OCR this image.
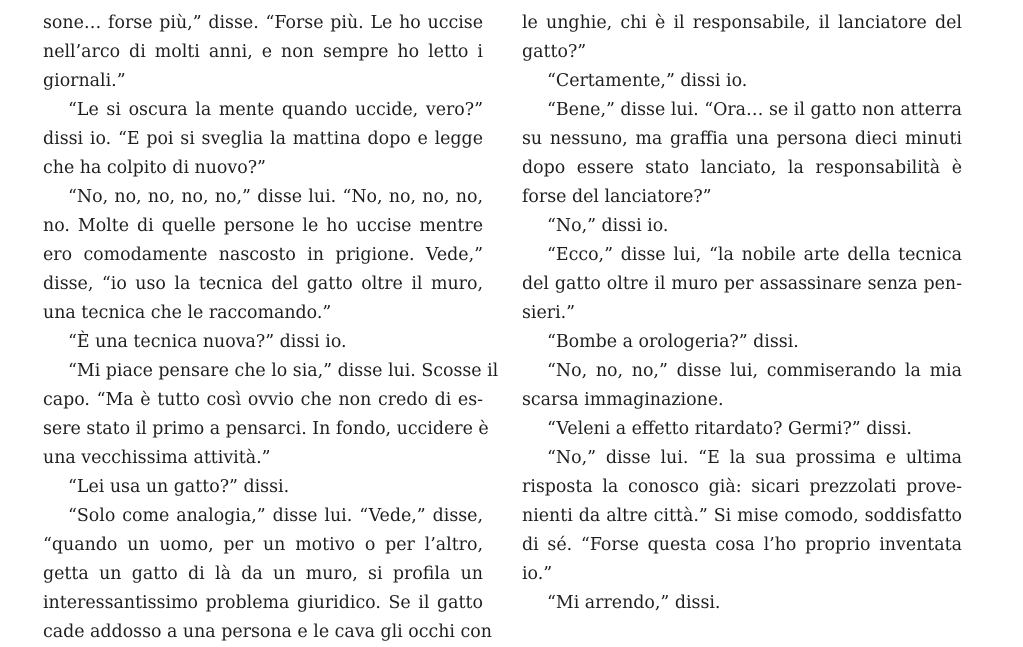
sone… forse più,” disse. “Forse più. Le ho uccise
nell’arco di molti anni, e non sempre ho letto i
giornali.”
“Le si oscura la mente quando uccide, vero?”
dissi io. “E poi si sveglia la mattina dopo e legge
che ha colpito di nuovo?”
“No, no, no, no, no,” disse lui. “No, no, no, no,
no. Molte di quelle persone le ho uccise mentre
ero comodamente nascosto in prigione. Vede,”
disse, “io uso la tecnica del gatto oltre il muro,
una tecnica che le raccomando.”
“È una tecnica nuova?” dissi io.
“Mi piace pensare che lo sia,” disse lui. Scosse il
capo. “Ma è tutto così ovvio che non credo di es-
sere stato il primo a pensarci. In fondo, uccidere è
una vecchissima attività.”
“Lei usa un gatto?” dissi.
“Solo come analogia,” disse lui. “Vede,” disse,
“quando un uomo, per un motivo o per l’altro,
getta un gatto di là da un muro, si profila un
interessantissimo problema giuridico. Se il gatto
cade addosso a una persona e le cava gli occhi con
le unghie, chi è il responsabile, il lanciatore del
gatto?”
“Certamente,” dissi io.
“Bene,” disse lui. “Ora… se il gatto non atterra
su nessuno, ma graffia una persona dieci minuti
dopo essere stato lanciato, la responsabilità è
forse del lanciatore?”
“No,” dissi io.
“Ecco,” disse lui, “la nobile arte della tecnica
del gatto oltre il muro per assassinare senza pen-
sieri.”
“Bombe a orologeria?” dissi.
“No, no, no,” disse lui, commiserando la mia
scarsa immaginazione.
“Veleni a effetto ritardato? Germi?” dissi.
“No,” disse lui. “E la sua prossima e ultima
risposta la conosco già: sicari prezzolati prove-
nienti da altre città.” Si mise comodo, soddisfatto
di sé. “Forse questa cosa l’ho proprio inventata
io.”
“Mi arrendo,” dissi.
